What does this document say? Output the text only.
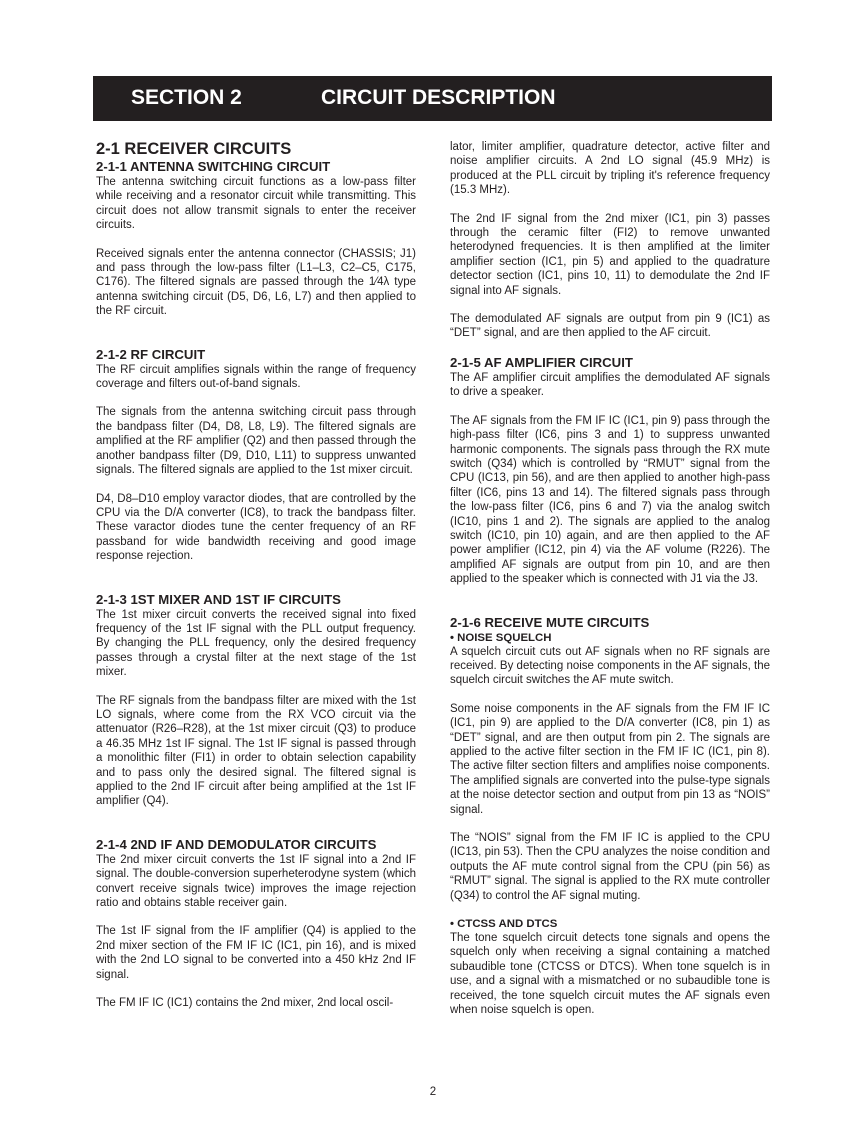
SECTION 2	CIRCUIT DESCRIPTION
2-1 RECEIVER CIRCUITS
2-1-1 ANTENNA SWITCHING CIRCUIT

The antenna switching circuit functions as a low-pass filter while receiving and a resonator circuit while transmitting. This circuit does not allow transmit signals to enter the receiver circuits.

Received signals enter the antenna connector (CHASSIS; J1) and pass through the low-pass filter (L1–L3, C2–C5, C175, C176). The filtered signals are passed through the 1⁄4λ type antenna switching circuit (D5, D6, L6, L7) and then applied to the RF circuit.

2-1-2 RF CIRCUIT

The RF circuit amplifies signals within the range of frequency coverage and filters out-of-band signals.

The signals from the antenna switching circuit pass through the bandpass filter (D4, D8, L8, L9). The filtered signals are amplified at the RF amplifier (Q2) and then passed through the another bandpass filter (D9, D10, L11) to suppress unwanted signals. The filtered signals are applied to the 1st mixer circuit.

D4, D8–D10 employ varactor diodes, that are controlled by the CPU via the D/A converter (IC8), to track the bandpass filter. These varactor diodes tune the center frequency of an RF passband for wide bandwidth receiving and good image response rejection.

2-1-3 1ST MIXER AND 1ST IF CIRCUITS

The 1st mixer circuit converts the received signal into fixed frequency of the 1st IF signal with the PLL output frequency. By changing the PLL frequency, only the desired frequency passes through a crystal filter at the next stage of the 1st mixer.

The RF signals from the bandpass filter are mixed with the 1st LO signals, where come from the RX VCO circuit via the attenuator (R26–R28), at the 1st mixer circuit (Q3) to produce a 46.35 MHz 1st IF signal. The 1st IF signal is passed through a monolithic filter (FI1) in order to obtain selection capability and to pass only the desired signal. The filtered signal is applied to the 2nd IF circuit after being amplified at the 1st IF amplifier (Q4).

2-1-4 2ND IF AND DEMODULATOR CIRCUITS

The 2nd mixer circuit converts the 1st IF signal into a 2nd IF signal. The double-conversion superheterodyne system (which convert receive signals twice) improves the image rejection ratio and obtains stable receiver gain.

The 1st IF signal from the IF amplifier (Q4) is applied to the 2nd mixer section of the FM IF IC (IC1, pin 16), and is mixed with the 2nd LO signal to be converted into a 450 kHz 2nd IF signal.

The FM IF IC (IC1) contains the 2nd mixer, 2nd local oscil-

lator, limiter amplifier, quadrature detector, active filter and noise amplifier circuits. A 2nd LO signal (45.9 MHz) is produced at the PLL circuit by tripling it's reference frequency (15.3 MHz).

The 2nd IF signal from the 2nd mixer (IC1, pin 3) passes through the ceramic filter (FI2) to remove unwanted heterodyned frequencies. It is then amplified at the limiter amplifier section (IC1, pin 5) and applied to the quadrature detector section (IC1, pins 10, 11) to demodulate the 2nd IF signal into AF signals.

The demodulated AF signals are output from pin 9 (IC1) as “DET” signal, and are then applied to the AF circuit.

2-1-5 AF AMPLIFIER CIRCUIT

The AF amplifier circuit amplifies the demodulated AF signals to drive a speaker.

The AF signals from the FM IF IC (IC1, pin 9) pass through the high-pass filter (IC6, pins 3 and 1) to suppress unwanted harmonic components. The signals pass through the RX mute switch (Q34) which is controlled by “RMUT” signal from the CPU (IC13, pin 56), and are then applied to another high-pass filter (IC6, pins 13 and 14). The filtered signals pass through the low-pass filter (IC6, pins 6 and 7) via the analog switch (IC10, pins 1 and 2). The signals are applied to the analog switch (IC10, pin 10) again, and are then applied to the AF power amplifier (IC12, pin 4) via the AF volume (R226). The amplified AF signals are output from pin 10, and are then applied to the speaker which is connected with J1 via the J3.

2-1-6 RECEIVE MUTE CIRCUITS
• NOISE SQUELCH

A squelch circuit cuts out AF signals when no RF signals are received. By detecting noise components in the AF signals, the squelch circuit switches the AF mute switch.

Some noise components in the AF signals from the FM IF IC (IC1, pin 9) are applied to the D/A converter (IC8, pin 1) as “DET” signal, and are then output from pin 2. The signals are applied to the active filter section in the FM IF IC (IC1, pin 8). The active filter section filters and amplifies noise components. The amplified signals are converted into the pulse-type signals at the noise detector section and output from pin 13 as “NOIS” signal.

The “NOIS” signal from the FM IF IC is applied to the CPU (IC13, pin 53). Then the CPU analyzes the noise condition and outputs the AF mute control signal from the CPU (pin 56) as “RMUT” signal. The signal is applied to the RX mute controller (Q34) to control the AF signal muting.

• CTCSS AND DTCS

The tone squelch circuit detects tone signals and opens the squelch only when receiving a signal containing a matched subaudible tone (CTCSS or DTCS). When tone squelch is in use, and a signal with a mismatched or no subaudible tone is received, the tone squelch circuit mutes the AF signals even when noise squelch is open.

2
